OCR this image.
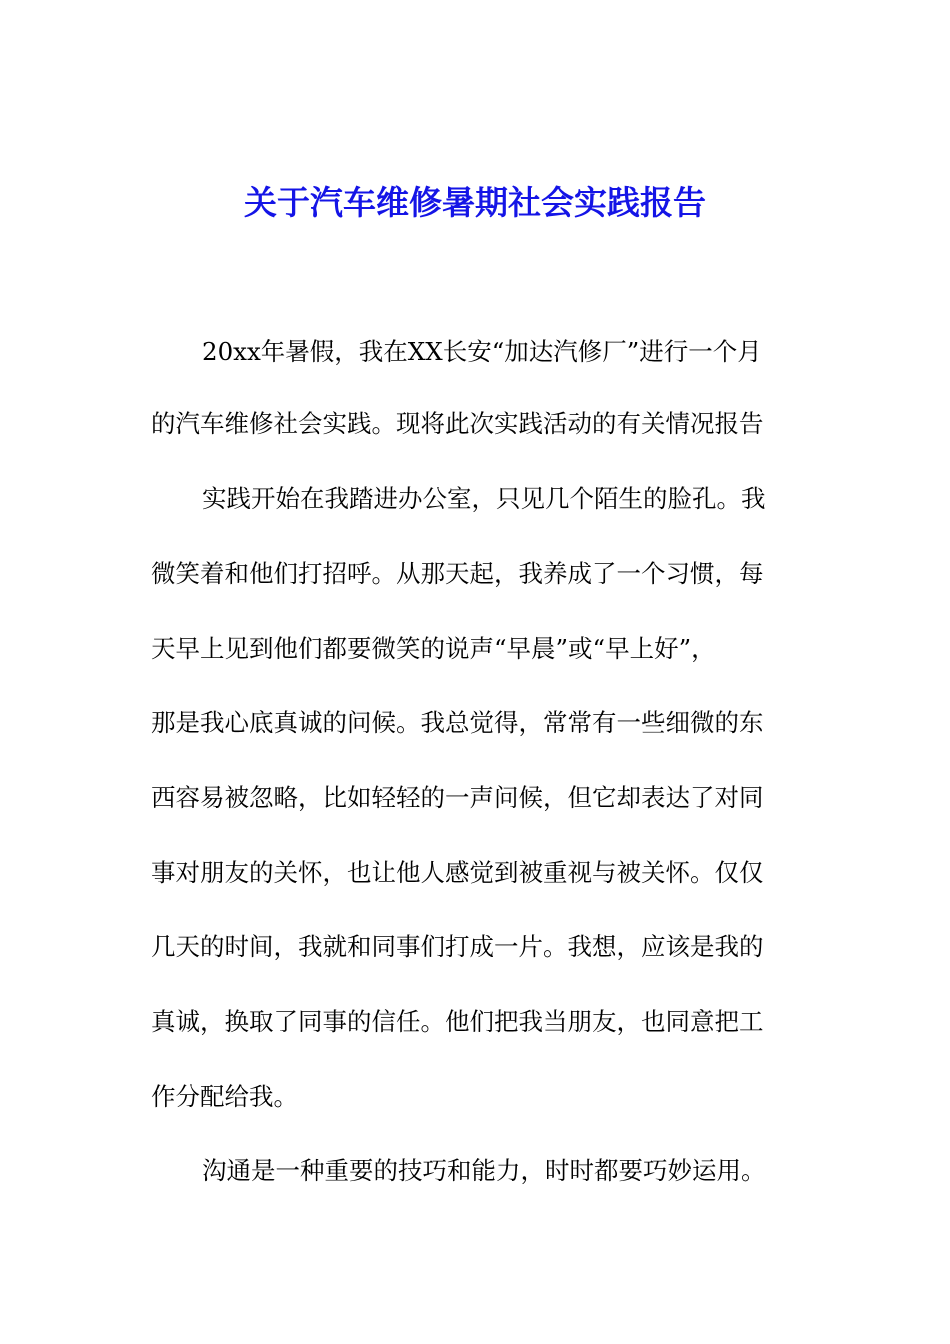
关于汽车维修暑期社会实践报告
20xx年暑假，我在XX长安“加达汽修厂”进行一个月
的汽车维修社会实践。现将此次实践活动的有关情况报告
实践开始在我踏进办公室，只见几个陌生的脸孔。我
微笑着和他们打招呼。从那天起，我养成了一个习惯，每
天早上见到他们都要微笑的说声“早晨”或“早上好”，
那是我心底真诚的问候。我总觉得，常常有一些细微的东
西容易被忽略，比如轻轻的一声问候，但它却表达了对同
事对朋友的关怀，也让他人感觉到被重视与被关怀。仅仅
几天的时间，我就和同事们打成一片。我想，应该是我的
真诚，换取了同事的信任。他们把我当朋友，也同意把工
作分配给我。
沟通是一种重要的技巧和能力，时时都要巧妙运用。
